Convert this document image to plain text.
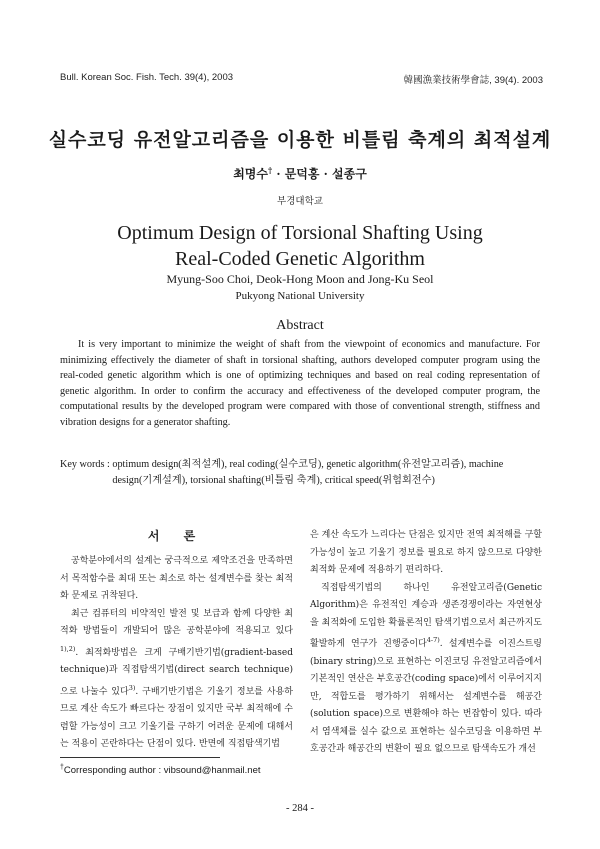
Bull. Korean Soc. Fish. Tech. 39(4), 2003	韓國漁業技術學會誌, 39(4). 2003
실수코딩 유전알고리즘을 이용한 비틀림 축계의 최적설계
최명수† · 문덕홍 · 설종구
부경대학교
Optimum Design of Torsional Shafting Using
Real-Coded Genetic Algorithm
Myung-Soo Choi, Deok-Hong Moon and Jong-Ku Seol
Pukyong National University
Abstract

It is very important to minimize the weight of shaft from the viewpoint of economics and manufacture. For minimizing effectively the diameter of shaft in torsional shafting, authors developed computer program using the real-coded genetic algorithm which is one of optimizing techniques and based on real coding representation of genetic algorithm. In order to confirm the accuracy and effectiveness of the developed computer program, the computational results by the developed program were compared with those of conventional strength, stiffness and vibration designs for a generator shafting.

Key words : optimum design(최적설계), real coding(실수코딩), genetic algorithm(유전알고리즘), machine design(기계설계), torsional shafting(비틀림 축계), critical speed(위험회전수)
서 론

공학분야에서의 설계는 궁극적으로 제약조건을 만족하면서 목적함수를 최대 또는 최소로 하는 설계변수를 찾는 최적화 문제로 귀착된다.

최근 컴퓨터의 비약적인 발전 및 보급과 함께 다양한 최적화 방법들이 개발되어 많은 공학분야에 적용되고 있다$^{1),2)}$. 최적화방법은 크게 구배기반기법(gradient-based technique)과 직접탐색기법(direct search technique)으로 나눌수 있다$^{3)}$. 구배기반기법은 기울기 정보를 사용하므로 계산 속도가 빠르다는 장점이 있지만 국부 최적해에 수렴할 가능성이 크고 기울기를 구하기 어려운 문제에 대해서는 적용이 곤란하다는 단점이 있다. 반면에 직접탐색기법

은 계산 속도가 느리다는 단점은 있지만 전역 최적해를 구할 가능성이 높고 기울기 정보를 필요로 하지 않으므로 다양한 최적화 문제에 적용하기 편리하다.

직접탐색기법의 하나인 유전알고리즘(Genetic Algorithm)은 유전적인 계승과 생존경쟁이라는 자연현상을 최적화에 도입한 확률론적인 탐색기법으로서 최근까지도 활발하게 연구가 진행중이다$^{4-7)}$. 설계변수를 이진스트링(binary string)으로 표현하는 이진코딩 유전알고리즘에서 기본적인 연산은 부호공간(coding space)에서 이루어지지만, 적합도를 평가하기 위해서는 설계변수를 해공간(solution space)으로 변환해야 하는 번잡함이 있다. 따라서 염색체를 실수 값으로 표현하는 실수코딩을 이용하면 부호공간과 해공간의 변환이 필요 없으므로 탐색속도가 개선

†Corresponding author : vibsound@hanmail.net
- 284 -
